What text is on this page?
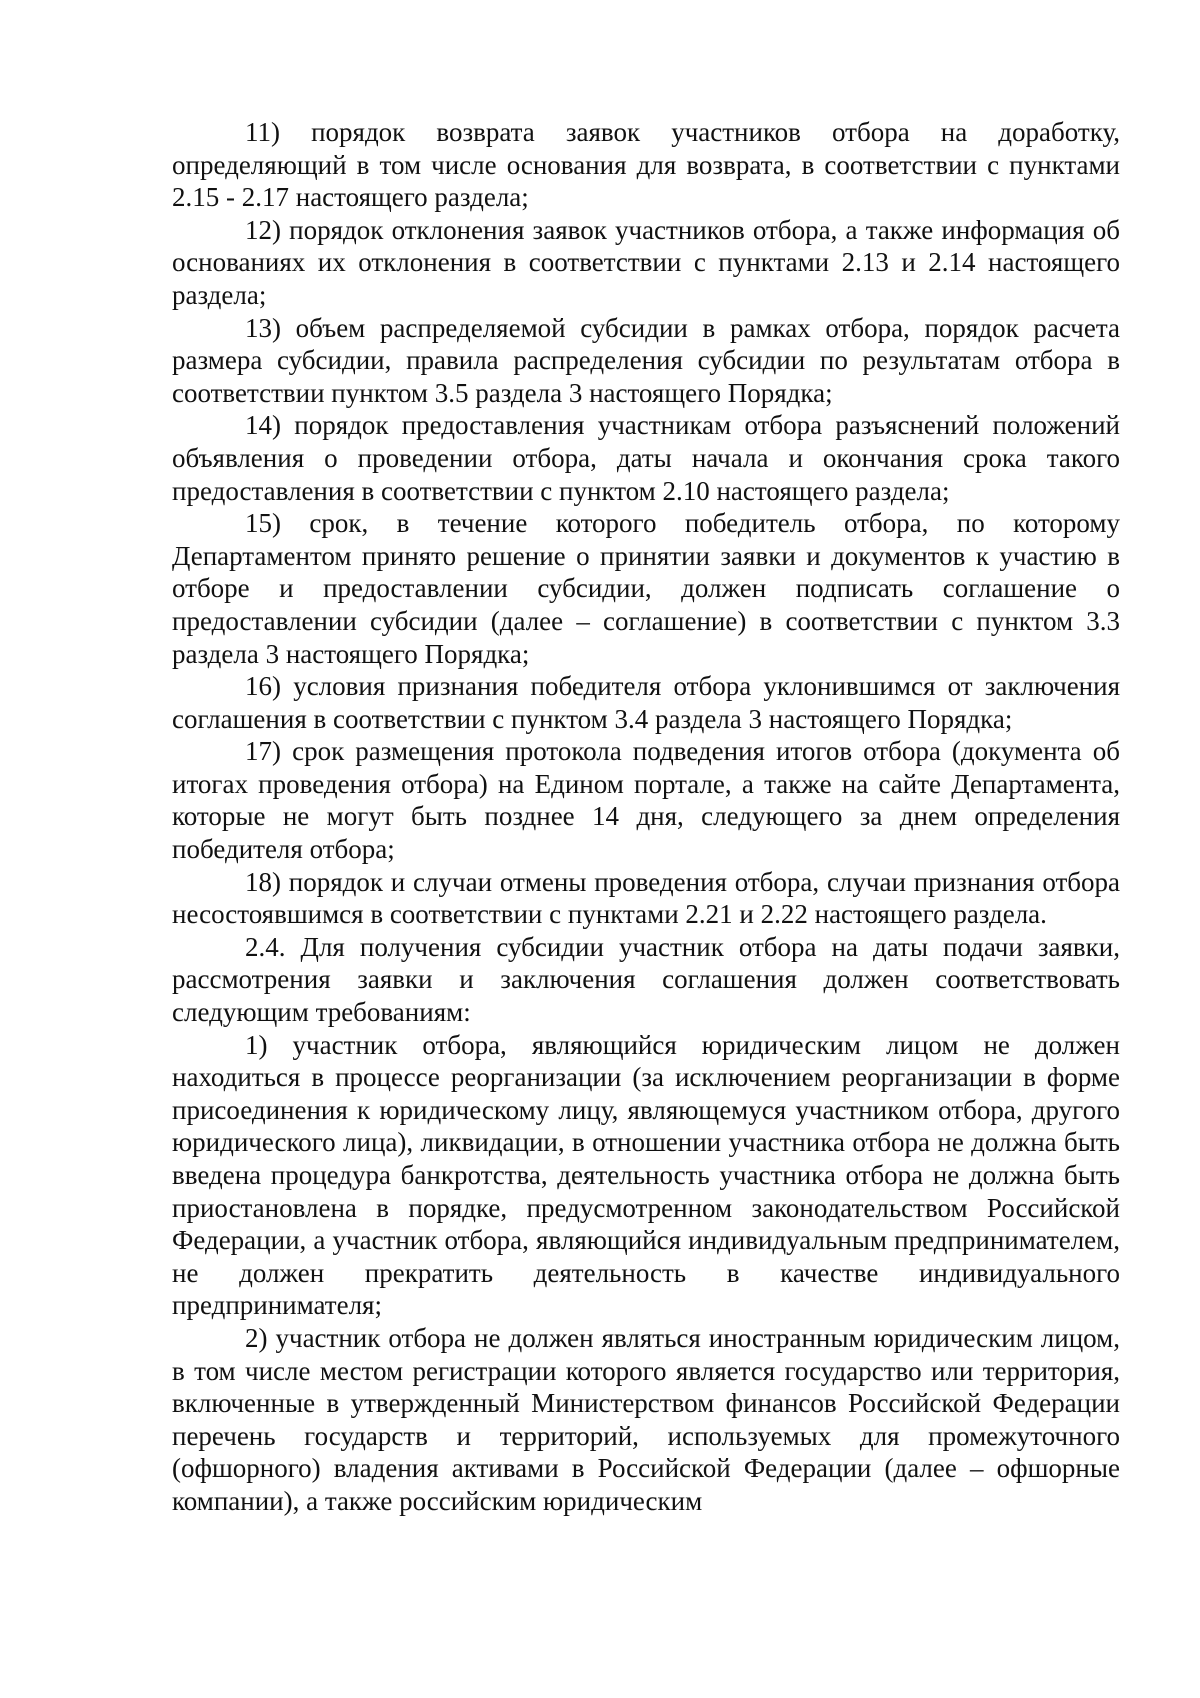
11) порядок возврата заявок участников отбора на доработку, определяющий в том числе основания для возврата, в соответствии с пунктами 2.15 - 2.17 настоящего раздела;

12) порядок отклонения заявок участников отбора, а также информация об основаниях их отклонения в соответствии с пунктами 2.13 и 2.14 настоящего раздела;

13) объем распределяемой субсидии в рамках отбора, порядок расчета размера субсидии, правила распределения субсидии по результатам отбора в соответствии пунктом 3.5 раздела 3 настоящего Порядка;

14) порядок предоставления участникам отбора разъяснений положений объявления о проведении отбора, даты начала и окончания срока такого предоставления в соответствии с пунктом 2.10 настоящего раздела;

15) срок, в течение которого победитель отбора, по которому Департаментом принято решение о принятии заявки и документов к участию в отборе и предоставлении субсидии, должен подписать соглашение о предоставлении субсидии (далее – соглашение) в соответствии с пунктом 3.3 раздела 3 настоящего Порядка;

16) условия признания победителя отбора уклонившимся от заключения соглашения в соответствии с пунктом 3.4 раздела 3 настоящего Порядка;

17) срок размещения протокола подведения итогов отбора (документа об итогах проведения отбора) на Едином портале, а также на сайте Департамента, которые не могут быть позднее 14 дня, следующего за днем определения победителя отбора;

18) порядок и случаи отмены проведения отбора, случаи признания отбора несостоявшимся в соответствии с пунктами 2.21 и 2.22 настоящего раздела.

2.4. Для получения субсидии участник отбора на даты подачи заявки, рассмотрения заявки и заключения соглашения должен соответствовать следующим требованиям:

1) участник отбора, являющийся юридическим лицом не должен находиться в процессе реорганизации (за исключением реорганизации в форме присоединения к юридическому лицу, являющемуся участником отбора, другого юридического лица), ликвидации, в отношении участника отбора не должна быть введена процедура банкротства, деятельность участника отбора не должна быть приостановлена в порядке, предусмотренном законодательством Российской Федерации, а участник отбора, являющийся индивидуальным предпринимателем, не должен прекратить деятельность в качестве индивидуального предпринимателя;

2) участник отбора не должен являться иностранным юридическим лицом, в том числе местом регистрации которого является государство или территория, включенные в утвержденный Министерством финансов Российской Федерации перечень государств и территорий, используемых для промежуточного (офшорного) владения активами в Российской Федерации (далее – офшорные компании), а также российским юридическим
